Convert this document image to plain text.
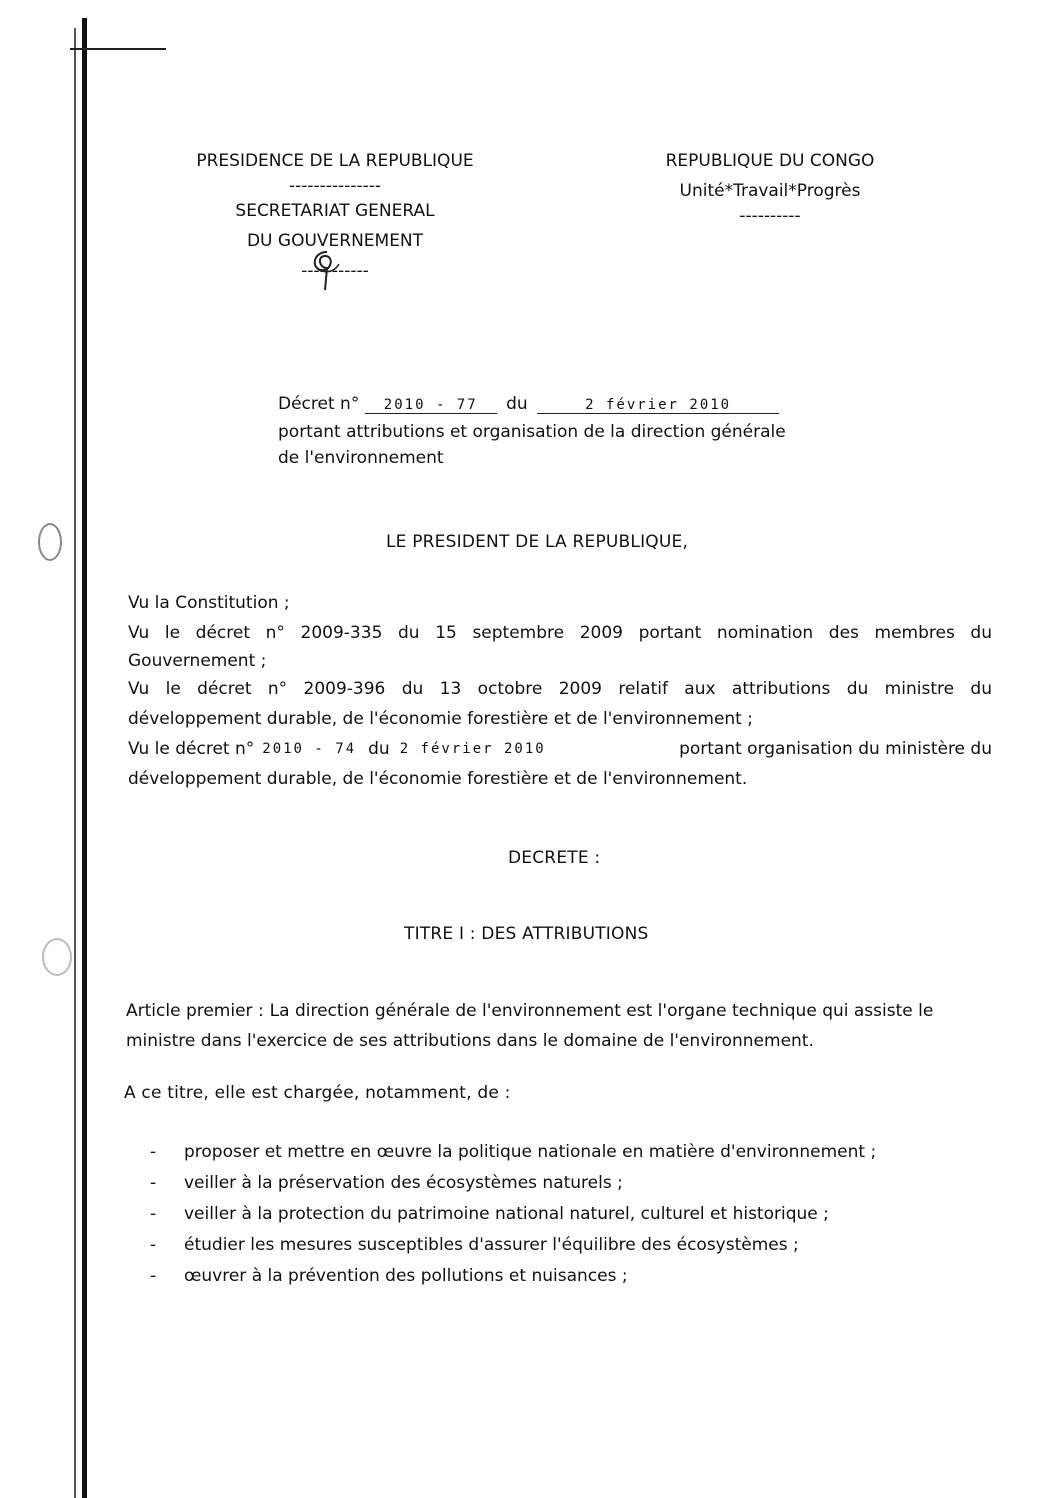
PRESIDENCE DE LA REPUBLIQUE
---------------
SECRETARIAT GENERAL
DU GOUVERNEMENT
-----------
REPUBLIQUE DU CONGO
Unité*Travail*Progrès
----------
Décret n° 2010 - 77 du	2 février 2010
portant attributions et organisation de la direction générale
de l'environnement
LE PRESIDENT DE LA REPUBLIQUE,
Vu la Constitution ;
Vu le décret n° 2009-335 du 15 septembre 2009 portant nomination des membres du
Gouvernement ;
Vu le décret n° 2009-396 du 13 octobre 2009 relatif aux attributions du ministre du
développement durable, de l'économie forestière et de l'environnement ;
Vu le décret n° 2010 - 74 du 2 février 2010	portant organisation du ministère du
développement durable, de l'économie forestière et de l'environnement.
DECRETE :
TITRE I : DES ATTRIBUTIONS
Article premier : La direction générale de l'environnement est l'organe technique qui assiste le
ministre dans l'exercice de ses attributions dans le domaine de l'environnement.
A ce titre, elle est chargée, notamment, de :
-	proposer et mettre en œuvre la politique nationale en matière d'environnement ;
-	veiller à la préservation des écosystèmes naturels ;
-	veiller à la protection du patrimoine national naturel, culturel et historique ;
-	étudier les mesures susceptibles d'assurer l'équilibre des écosystèmes ;
-	œuvrer à la prévention des pollutions et nuisances ;
